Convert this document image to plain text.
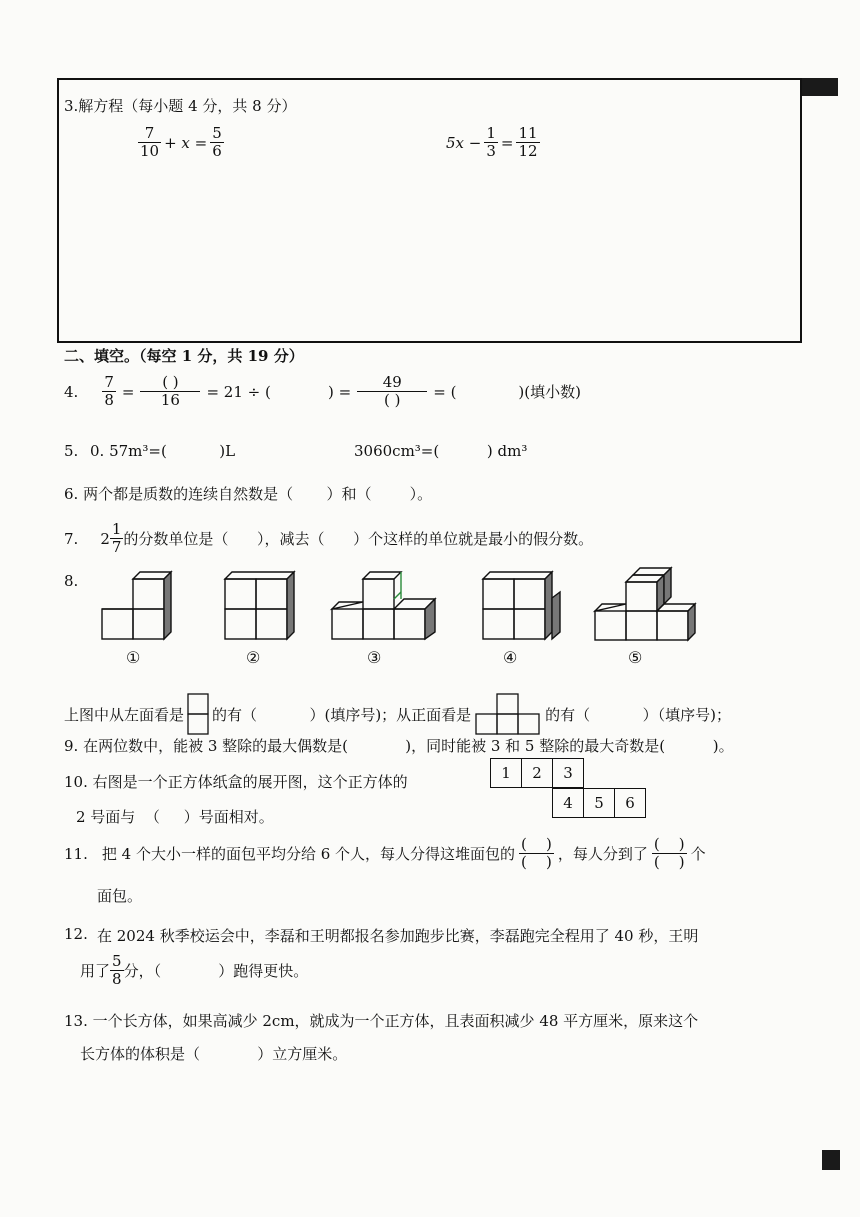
3.解方程（每小题 4 分，共 8 分）
$\frac{7}{10} + x = \frac{5}{6}$	$5x - \frac{1}{3} = \frac{11}{12}$
二、填空。（每空 1 分，共 19 分）
4. $\frac{7}{8} = \frac{( )}{16} = 21$ ÷ (            ) = $\frac{49}{( )}$ = (             )(填小数)
5. 0. 57m³=(           )L	3060cm³=(          ) dm³
6. 两个都是质数的连续自然数是（       ）和（        ）。
7. $2 \frac{1}{7}$ 的分数单位是（      ），减去（      ）个这样的单位就是最小的假分数。
8.
①	②	③	④	⑤
上图中从左面看是 的有（           ）(填序号)；从正面看是	的有（           ）（填序号)；
9. 在两位数中，能被 3 整除的最大偶数是(            )，同时能被 3 和 5 整除的最大奇数是(          )。
10. 右图是一个正方体纸盒的展开图，这个正方体的
2 号面与  （     ）号面相对。
1	2	3
4	5	6
11. 把 4 个大小一样的面包平均分给 6 个人，每人分得这堆面包的 $\frac{( )}{( )}$ ，每人分到了 $\frac{( )}{( )}$ 个
面包。
12. 在 2024 秋季校运会中，李磊和王明都报名参加跑步比赛，李磊跑完全程用了 40 秒，王明
用了 $\frac{5}{8}$ 分，（            ）跑得更快。
13. 一个长方体，如果高减少 2cm，就成为一个正方体，且表面积减少 48 平方厘米，原来这个
长方体的体积是（            ）立方厘米。
